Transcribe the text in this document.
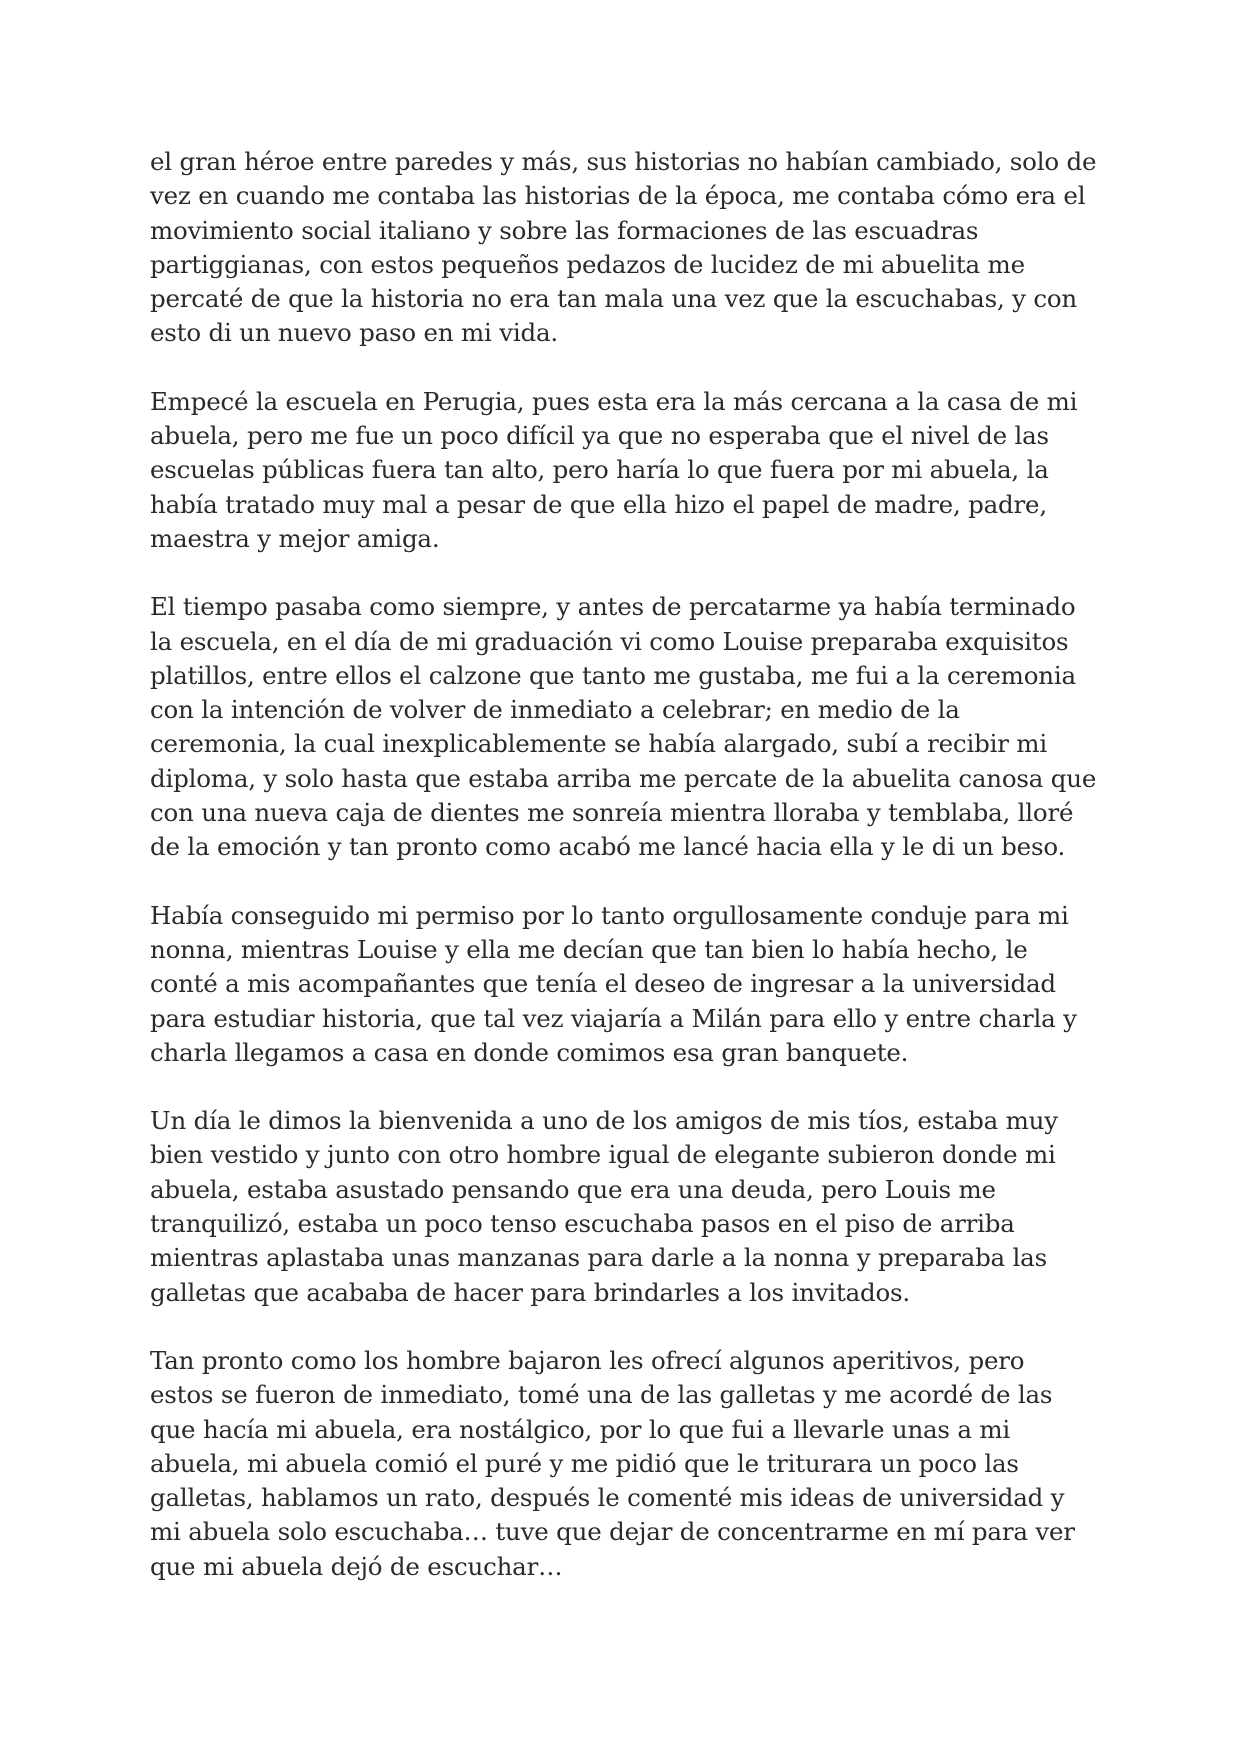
el gran héroe entre paredes y más, sus historias no habían cambiado, solo de
vez en cuando me contaba las historias de la época, me contaba cómo era el
movimiento social italiano y sobre las formaciones de las escuadras
partiggianas, con estos pequeños pedazos de lucidez de mi abuelita me
percaté de que la historia no era tan mala una vez que la escuchabas, y con
esto di un nuevo paso en mi vida.

Empecé la escuela en Perugia, pues esta era la más cercana a la casa de mi
abuela, pero me fue un poco difícil ya que no esperaba que el nivel de las
escuelas públicas fuera tan alto, pero haría lo que fuera por mi abuela, la
había tratado muy mal a pesar de que ella hizo el papel de madre, padre,
maestra y mejor amiga.

El tiempo pasaba como siempre, y antes de percatarme ya había terminado
la escuela, en el día de mi graduación vi como Louise preparaba exquisitos
platillos, entre ellos el calzone que tanto me gustaba, me fui a la ceremonia
con la intención de volver de inmediato a celebrar; en medio de la
ceremonia, la cual inexplicablemente se había alargado, subí a recibir mi
diploma, y solo hasta que estaba arriba me percate de la abuelita canosa que
con una nueva caja de dientes me sonreía mientra lloraba y temblaba, lloré
de la emoción y tan pronto como acabó me lancé hacia ella y le di un beso.

Había conseguido mi permiso por lo tanto orgullosamente conduje para mi
nonna, mientras Louise y ella me decían que tan bien lo había hecho, le
conté a mis acompañantes que tenía el deseo de ingresar a la universidad
para estudiar historia, que tal vez viajaría a Milán para ello y entre charla y
charla llegamos a casa en donde comimos esa gran banquete.

Un día le dimos la bienvenida a uno de los amigos de mis tíos, estaba muy
bien vestido y junto con otro hombre igual de elegante subieron donde mi
abuela, estaba asustado pensando que era una deuda, pero Louis me
tranquilizó, estaba un poco tenso escuchaba pasos en el piso de arriba
mientras aplastaba unas manzanas para darle a la nonna y preparaba las
galletas que acababa de hacer para brindarles a los invitados.

Tan pronto como los hombre bajaron les ofrecí algunos aperitivos, pero
estos se fueron de inmediato, tomé una de las galletas y me acordé de las
que hacía mi abuela, era nostálgico, por lo que fui a llevarle unas a mi
abuela, mi abuela comió el puré y me pidió que le triturara un poco las
galletas, hablamos un rato, después le comenté mis ideas de universidad y
mi abuela solo escuchaba… tuve que dejar de concentrarme en mí para ver
que mi abuela dejó de escuchar…
